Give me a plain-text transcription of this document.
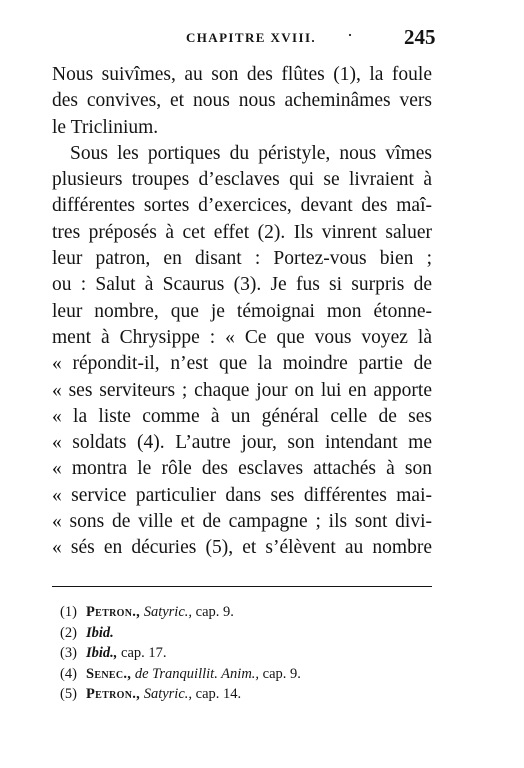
CHAPITRE XVIII. · 245
Nous suivîmes, au son des flûtes (1), la foule
des convives, et nous nous acheminâmes vers
le Triclinium.
Sous les portiques du péristyle, nous vîmes
plusieurs troupes d’esclaves qui se livraient à
différentes sortes d’exercices, devant des maî-
tres préposés à cet effet (2). Ils vinrent saluer
leur patron, en disant : Portez-vous bien ;
ou : Salut à Scaurus (3). Je fus si surpris de
leur nombre, que je témoignai mon étonne-
ment à Chrysippe : « Ce que vous voyez là
« répondit-il, n’est que la moindre partie de
« ses serviteurs ; chaque jour on lui en apporte
« la liste comme à un général celle de ses
« soldats (4). L’autre jour, son intendant me
« montra le rôle des esclaves attachés à son
« service particulier dans ses différentes mai-
« sons de ville et de campagne ; ils sont divi-
« sés en décuries (5), et s’élèvent au nombre
(1) Petron., Satyric., cap. 9.
(2) Ibid.
(3) Ibid., cap. 17.
(4) Senec., de Tranquillit. Anim., cap. 9.
(5) Petron., Satyric., cap. 14.
